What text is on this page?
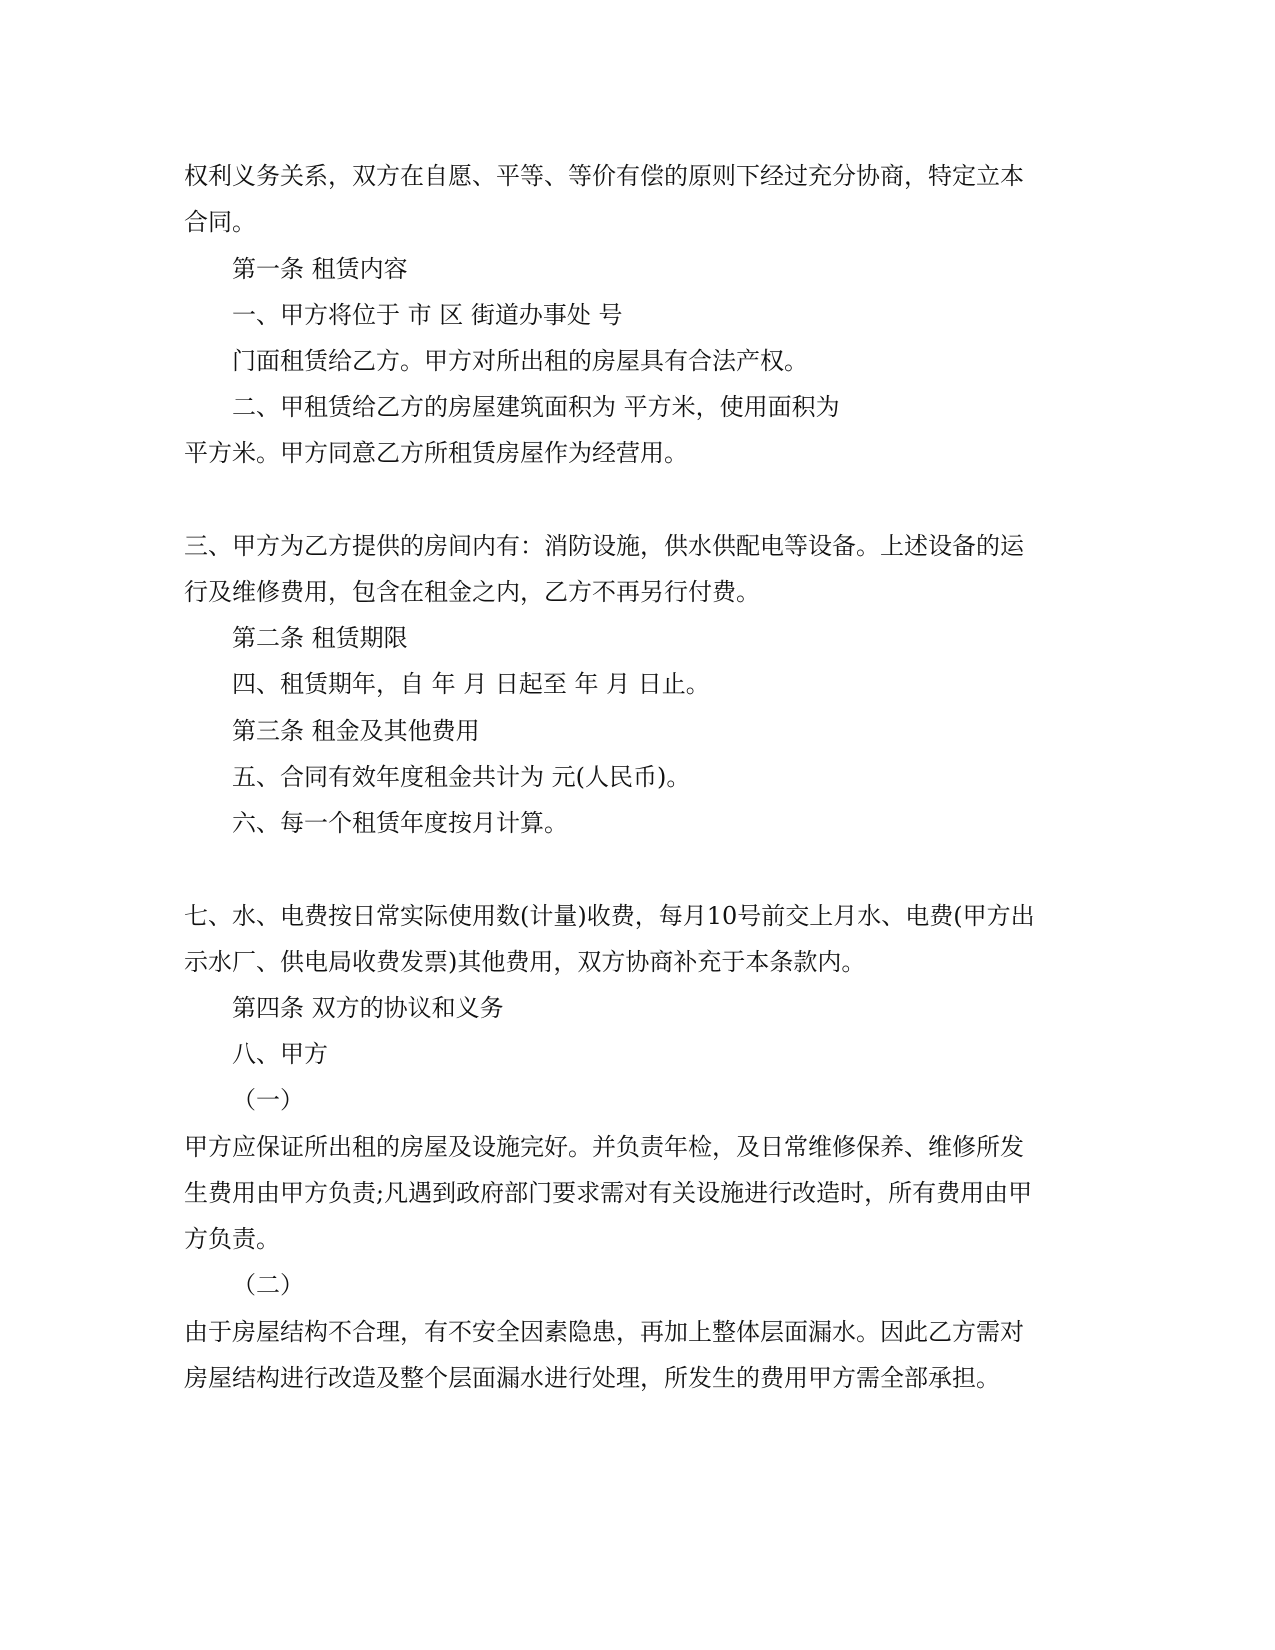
权利义务关系，双方在自愿、平等、等价有偿的原则下经过充分协商，特定立本

合同。

第一条 租赁内容

一、甲方将位于 市 区 街道办事处 号

门面租赁给乙方。甲方对所出租的房屋具有合法产权。

二、甲租赁给乙方的房屋建筑面积为 平方米，使用面积为

平方米。甲方同意乙方所租赁房屋作为经营用。

三、甲方为乙方提供的房间内有：消防设施，供水供配电等设备。上述设备的运

行及维修费用，包含在租金之内，乙方不再另行付费。

第二条 租赁期限

四、租赁期年，自 年 月 日起至 年 月 日止。

第三条 租金及其他费用

五、合同有效年度租金共计为 元(人民币)。

六、每一个租赁年度按月计算。

七、水、电费按日常实际使用数(计量)收费，每月10号前交上月水、电费(甲方出

示水厂、供电局收费发票)其他费用，双方协商补充于本条款内。

第四条 双方的协议和义务

八、甲方

（一）

甲方应保证所出租的房屋及设施完好。并负责年检，及日常维修保养、维修所发

生费用由甲方负责;凡遇到政府部门要求需对有关设施进行改造时，所有费用由甲

方负责。

（二）

由于房屋结构不合理，有不安全因素隐患，再加上整体层面漏水。因此乙方需对

房屋结构进行改造及整个层面漏水进行处理，所发生的费用甲方需全部承担。
